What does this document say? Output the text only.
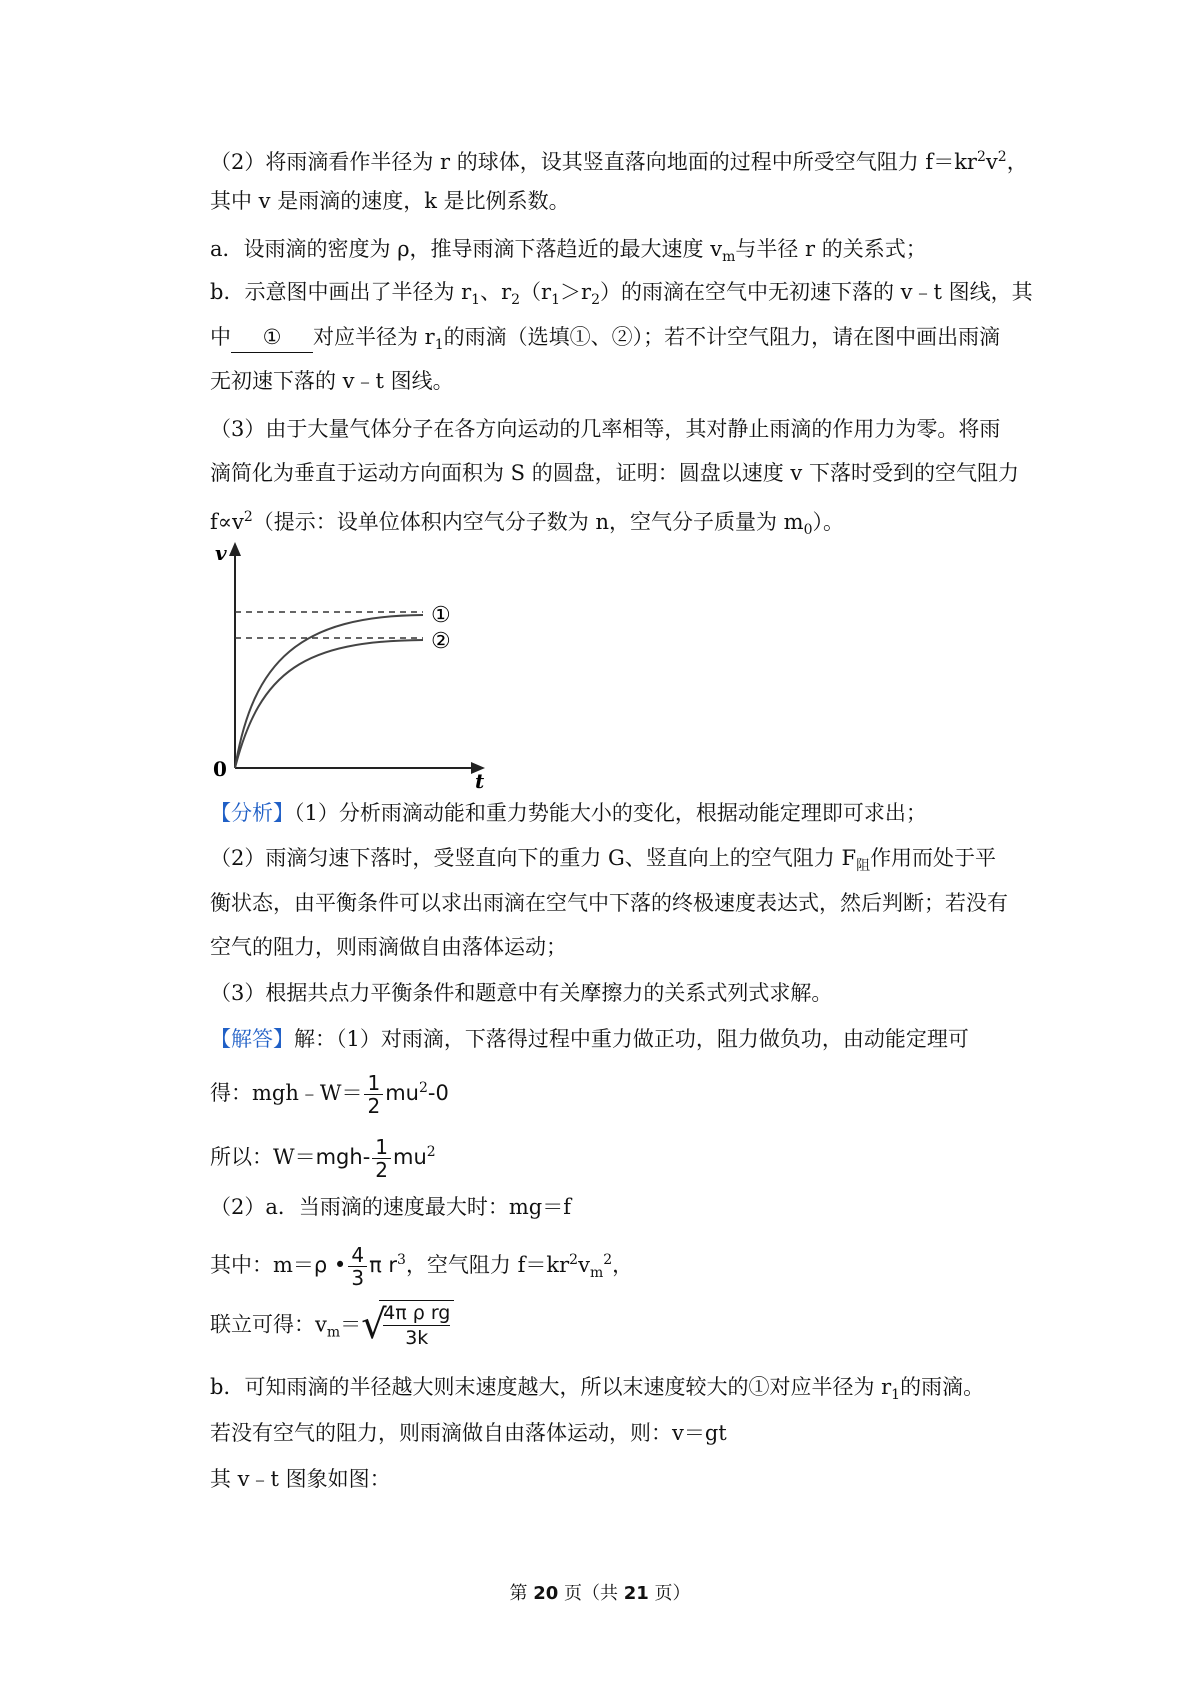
（2）将雨滴看作半径为 r 的球体，设其竖直落向地面的过程中所受空气阻力 $f=kr^2v^2$，
其中 v 是雨滴的速度，k 是比例系数。
a．设雨滴的密度为 ρ，推导雨滴下落趋近的最大速度 $v_m$与半径 r 的关系式；
b．示意图中画出了半径为 $r_1$、$r_2(r_1>r_2)$的雨滴在空气中无初速下落的 v﹣t 图线，其
中 ① 对应半径为 $r_1$的雨滴（选填①、②）；若不计空气阻力，请在图中画出雨滴
无初速下落的 v﹣t 图线。
（3）由于大量气体分子在各方向运动的几率相等，其对静止雨滴的作用力为零。将雨
滴简化为垂直于运动方向面积为 S 的圆盘，证明：圆盘以速度 v 下落时受到的空气阻力
$f\propto v^2$（提示：设单位体积内空气分子数为 n，空气分子质量为 $m_0$）。
v
t
0
①
②
【分析】（1）分析雨滴动能和重力势能大小的变化，根据动能定理即可求出；
（2）雨滴匀速下落时，受竖直向下的重力 G、竖直向上的空气阻力 $F_阻$作用而处于平
衡状态，由平衡条件可以求出雨滴在空气中下落的终极速度表达式，然后判断；若没有
空气的阻力，则雨滴做自由落体运动；
（3）根据共点力平衡条件和题意中有关摩擦力的关系式列式求解。
【解答】解：（1）对雨滴，下落得过程中重力做正功，阻力做负功，由动能定理可
得：mgh﹣W＝ $\frac{1}{2} mu^2-0$
所以：$W=mgh- \frac{1}{2} mu^2$
（2）a．当雨滴的速度最大时：mg＝f
其中：m＝ρ • $\frac{4}{3}$ π $r^3$，空气阻力 $f=kr^2v_m^2$，
联立可得：$v_m=$ √
$\frac{\text{4π ρ rg}}{3k}$
b．可知雨滴的半径越大则末速度越大，所以末速度较大的①对应半径为 $r_1$的雨滴。
若没有空气的阻力，则雨滴做自由落体运动，则：v＝gt
其 v﹣t 图象如图：
第 20 页（共 21 页）
